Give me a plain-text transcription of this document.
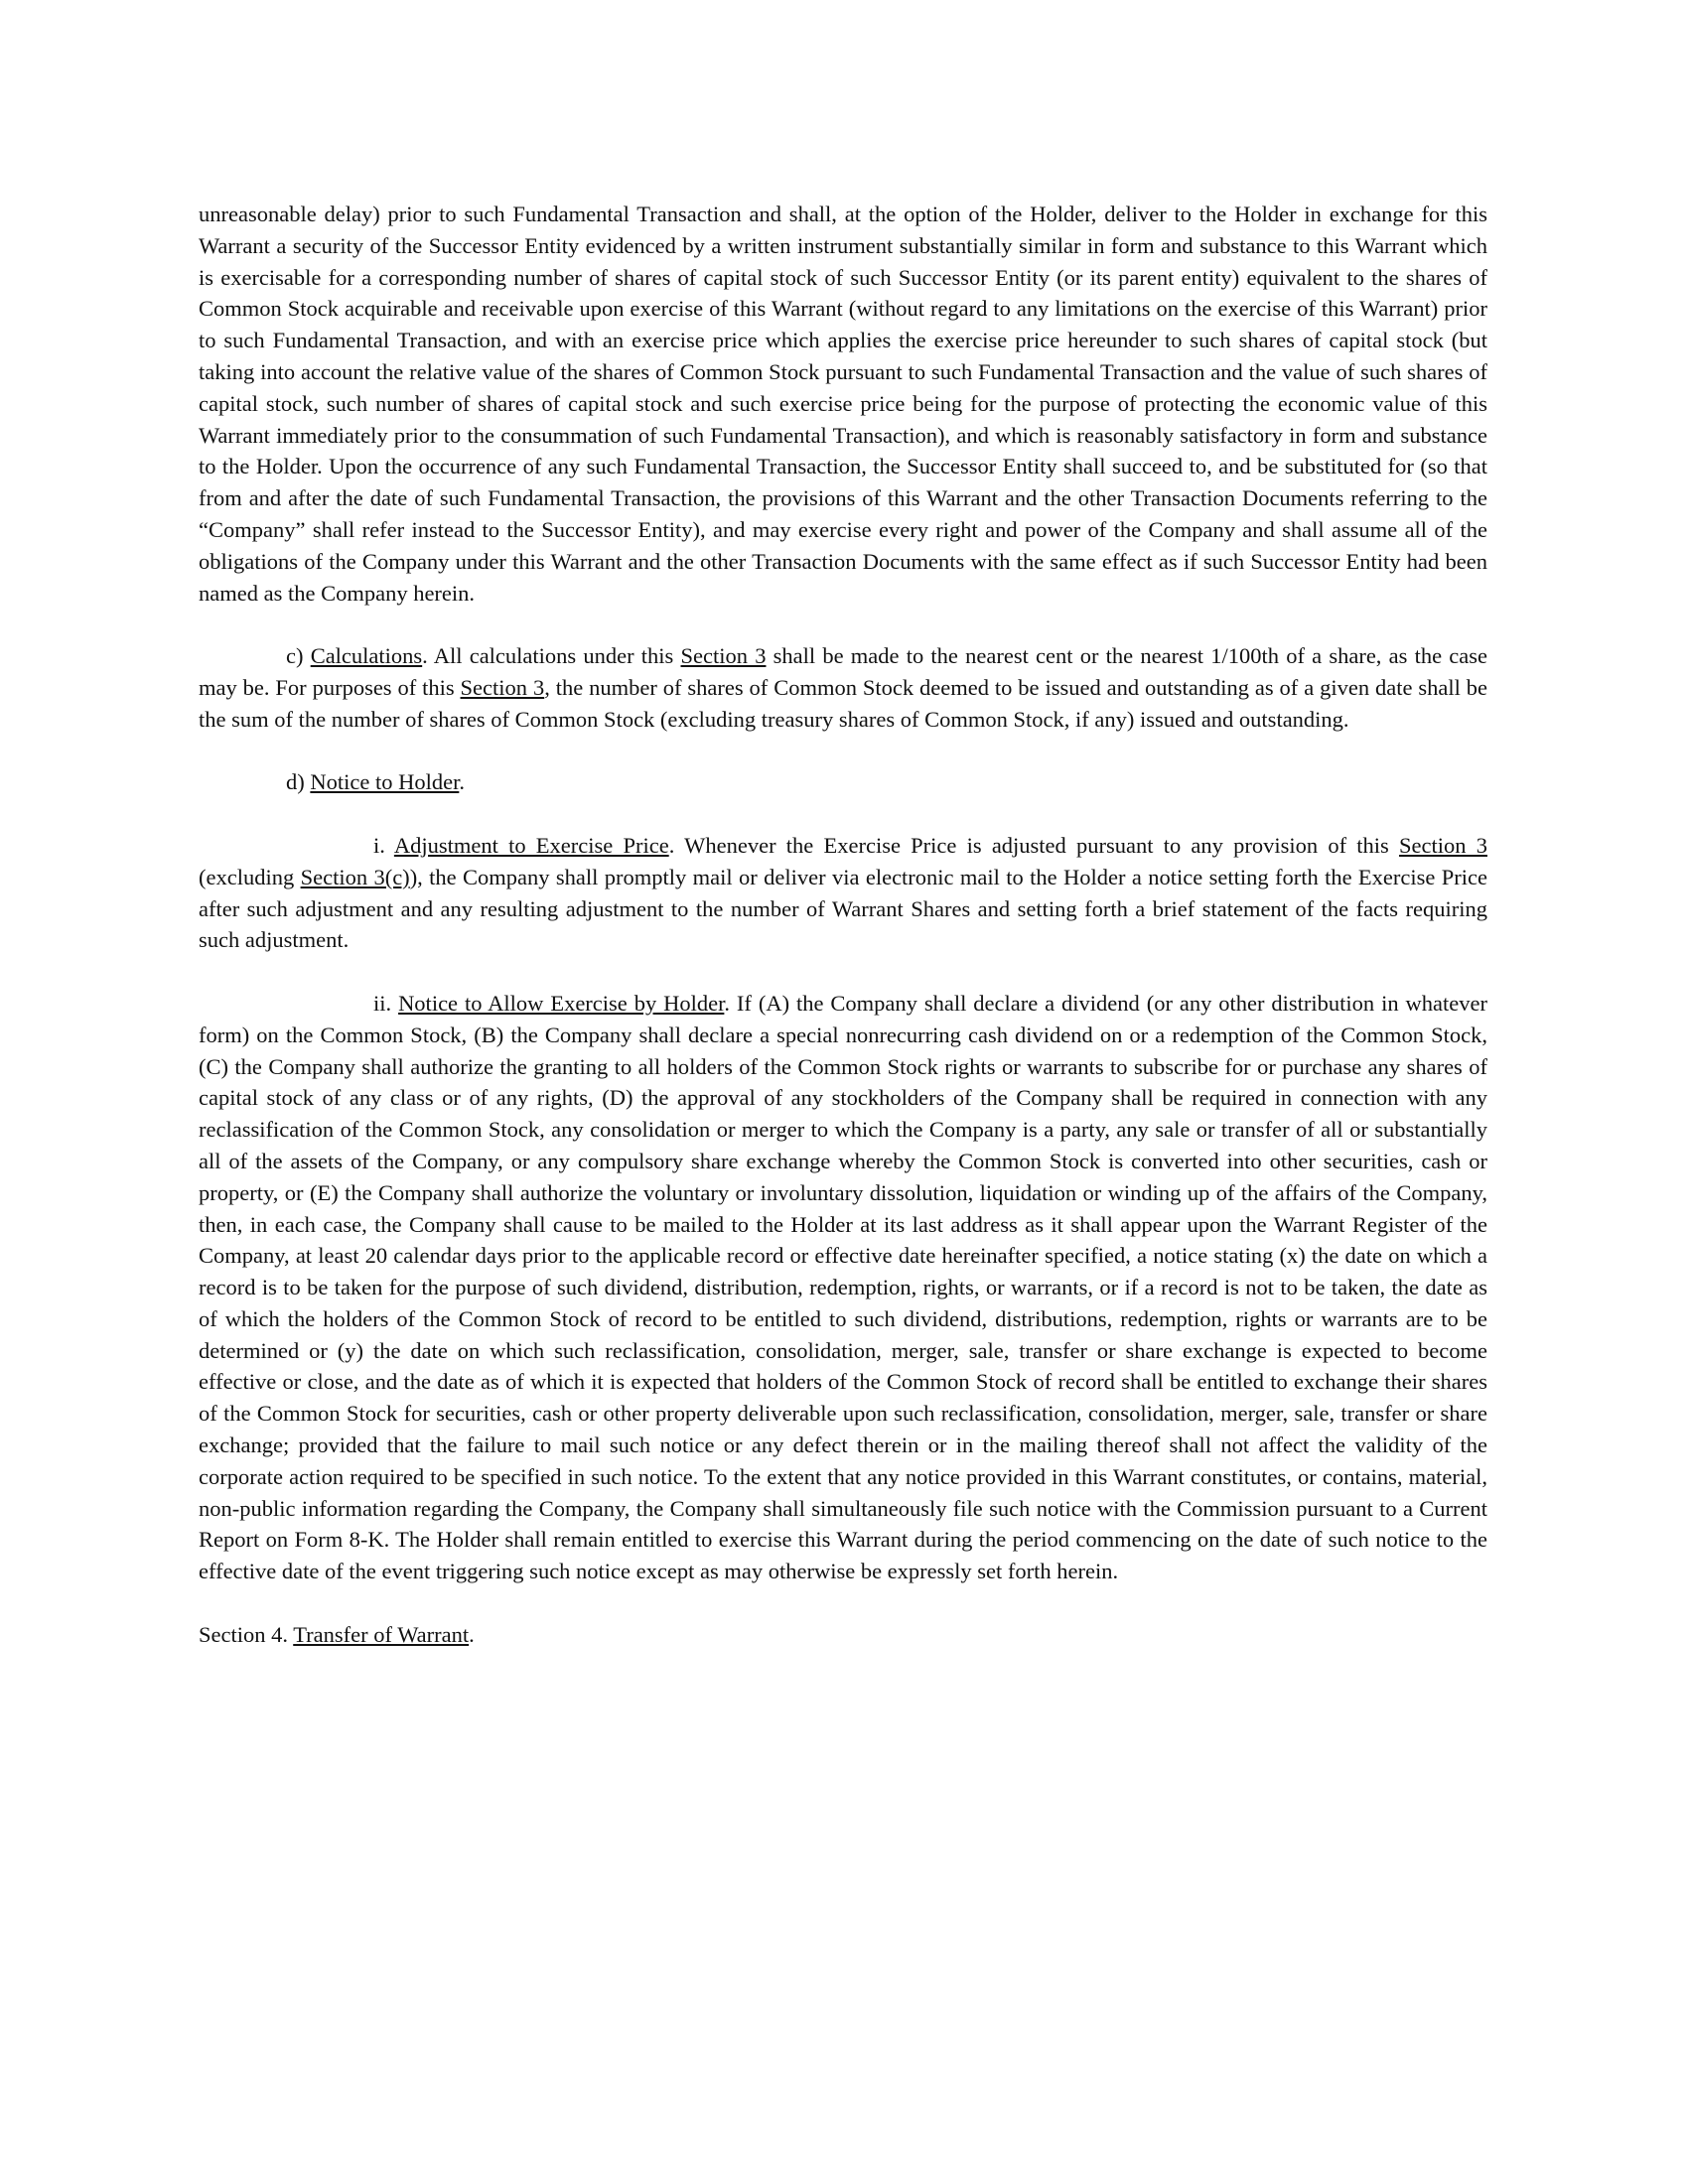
unreasonable delay) prior to such Fundamental Transaction and shall, at the option of the Holder, deliver to the Holder in exchange for this Warrant a security of the Successor Entity evidenced by a written instrument substantially similar in form and substance to this Warrant which is exercisable for a corresponding number of shares of capital stock of such Successor Entity (or its parent entity) equivalent to the shares of Common Stock acquirable and receivable upon exercise of this Warrant (without regard to any limitations on the exercise of this Warrant) prior to such Fundamental Transaction, and with an exercise price which applies the exercise price hereunder to such shares of capital stock (but taking into account the relative value of the shares of Common Stock pursuant to such Fundamental Transaction and the value of such shares of capital stock, such number of shares of capital stock and such exercise price being for the purpose of protecting the economic value of this Warrant immediately prior to the consummation of such Fundamental Transaction), and which is reasonably satisfactory in form and substance to the Holder. Upon the occurrence of any such Fundamental Transaction, the Successor Entity shall succeed to, and be substituted for (so that from and after the date of such Fundamental Transaction, the provisions of this Warrant and the other Transaction Documents referring to the “Company” shall refer instead to the Successor Entity), and may exercise every right and power of the Company and shall assume all of the obligations of the Company under this Warrant and the other Transaction Documents with the same effect as if such Successor Entity had been named as the Company herein.

c) Calculations. All calculations under this Section 3 shall be made to the nearest cent or the nearest 1/100th of a share, as the case may be. For purposes of this Section 3, the number of shares of Common Stock deemed to be issued and outstanding as of a given date shall be the sum of the number of shares of Common Stock (excluding treasury shares of Common Stock, if any) issued and outstanding.

d) Notice to Holder.

i. Adjustment to Exercise Price. Whenever the Exercise Price is adjusted pursuant to any provision of this Section 3 (excluding Section 3(c)), the Company shall promptly mail or deliver via electronic mail to the Holder a notice setting forth the Exercise Price after such adjustment and any resulting adjustment to the number of Warrant Shares and setting forth a brief statement of the facts requiring such adjustment.

ii. Notice to Allow Exercise by Holder. If (A) the Company shall declare a dividend (or any other distribution in whatever form) on the Common Stock, (B) the Company shall declare a special nonrecurring cash dividend on or a redemption of the Common Stock, (C) the Company shall authorize the granting to all holders of the Common Stock rights or warrants to subscribe for or purchase any shares of capital stock of any class or of any rights, (D) the approval of any stockholders of the Company shall be required in connection with any reclassification of the Common Stock, any consolidation or merger to which the Company is a party, any sale or transfer of all or substantially all of the assets of the Company, or any compulsory share exchange whereby the Common Stock is converted into other securities, cash or property, or (E) the Company shall authorize the voluntary or involuntary dissolution, liquidation or winding up of the affairs of the Company, then, in each case, the Company shall cause to be mailed to the Holder at its last address as it shall appear upon the Warrant Register of the Company, at least 20 calendar days prior to the applicable record or effective date hereinafter specified, a notice stating (x) the date on which a record is to be taken for the purpose of such dividend, distribution, redemption, rights, or warrants, or if a record is not to be taken, the date as of which the holders of the Common Stock of record to be entitled to such dividend, distributions, redemption, rights or warrants are to be determined or (y) the date on which such reclassification, consolidation, merger, sale, transfer or share exchange is expected to become effective or close, and the date as of which it is expected that holders of the Common Stock of record shall be entitled to exchange their shares of the Common Stock for securities, cash or other property deliverable upon such reclassification, consolidation, merger, sale, transfer or share exchange; provided that the failure to mail such notice or any defect therein or in the mailing thereof shall not affect the validity of the corporate action required to be specified in such notice. To the extent that any notice provided in this Warrant constitutes, or contains, material, non-public information regarding the Company, the Company shall simultaneously file such notice with the Commission pursuant to a Current Report on Form 8-K. The Holder shall remain entitled to exercise this Warrant during the period commencing on the date of such notice to the effective date of the event triggering such notice except as may otherwise be expressly set forth herein.

Section 4. Transfer of Warrant.
